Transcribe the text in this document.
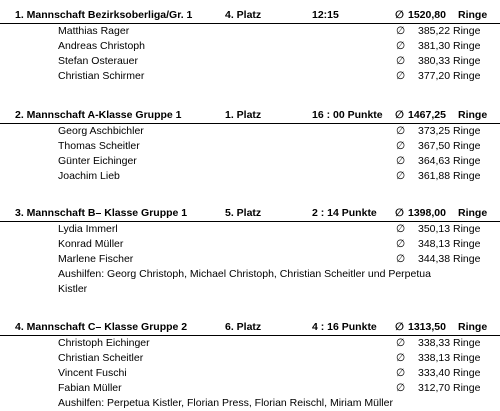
1. Mannschaft Bezirksoberliga/Gr. 1	4. Platz	12:15	∅ 1520,80 Ringe
Matthias Rager	∅ 385,22 Ringe
Andreas Christoph	∅ 381,30 Ringe
Stefan Osterauer	∅ 380,33 Ringe
Christian Schirmer	∅ 377,20 Ringe
2. Mannschaft A-Klasse Gruppe 1	1. Platz	16 : 00 Punkte ∅ 1467,25 Ringe
Georg Aschbichler	∅ 373,25 Ringe
Thomas Scheitler	∅ 367,50 Ringe
Günter Eichinger	∅ 364,63 Ringe
Joachim Lieb	∅ 361,88 Ringe
3. Mannschaft B– Klasse Gruppe 1	5. Platz	2 : 14 Punkte ∅ 1398,00 Ringe
Lydia Immerl	∅ 350,13 Ringe
Konrad Müller	∅ 348,13 Ringe
Marlene Fischer	∅ 344,38 Ringe
Aushilfen: Georg Christoph, Michael Christoph, Christian Scheitler und Perpetua Kistler
4. Mannschaft C– Klasse Gruppe 2	6. Platz	4 : 16 Punkte ∅ 1313,50 Ringe
Christoph Eichinger	∅ 338,33 Ringe
Christian Scheitler	∅ 338,13 Ringe
Vincent Fuschi	∅ 333,40 Ringe
Fabian Müller	∅ 312,70 Ringe
Aushilfen: Perpetua Kistler, Florian Press, Florian Reischl, Miriam Müller
